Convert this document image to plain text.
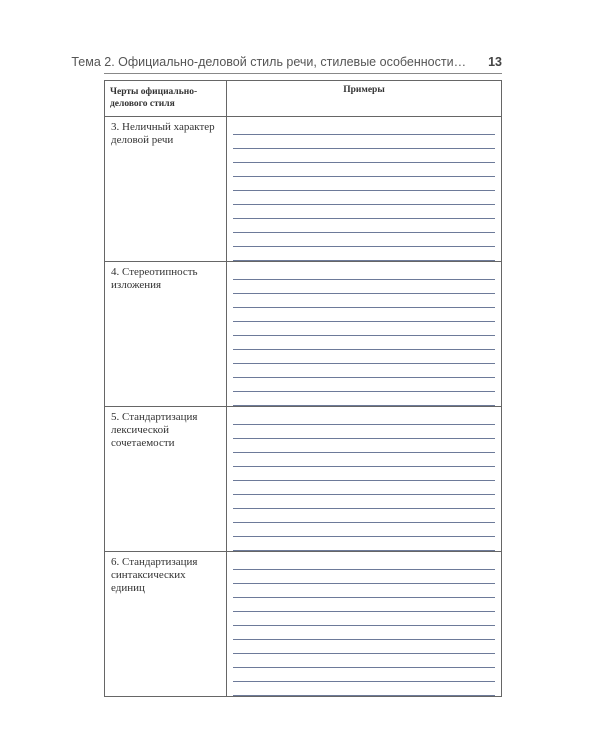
Тема 2. Официально-деловой стиль речи, стилевые особенности… 13
Черты официально-делового стиля	Примеры

3. Неличный характер деловой речи	

4. Стереотипность изложения	

5. Стандартизация лексической сочетаемости	

6. Стандартизация синтаксических единиц	
